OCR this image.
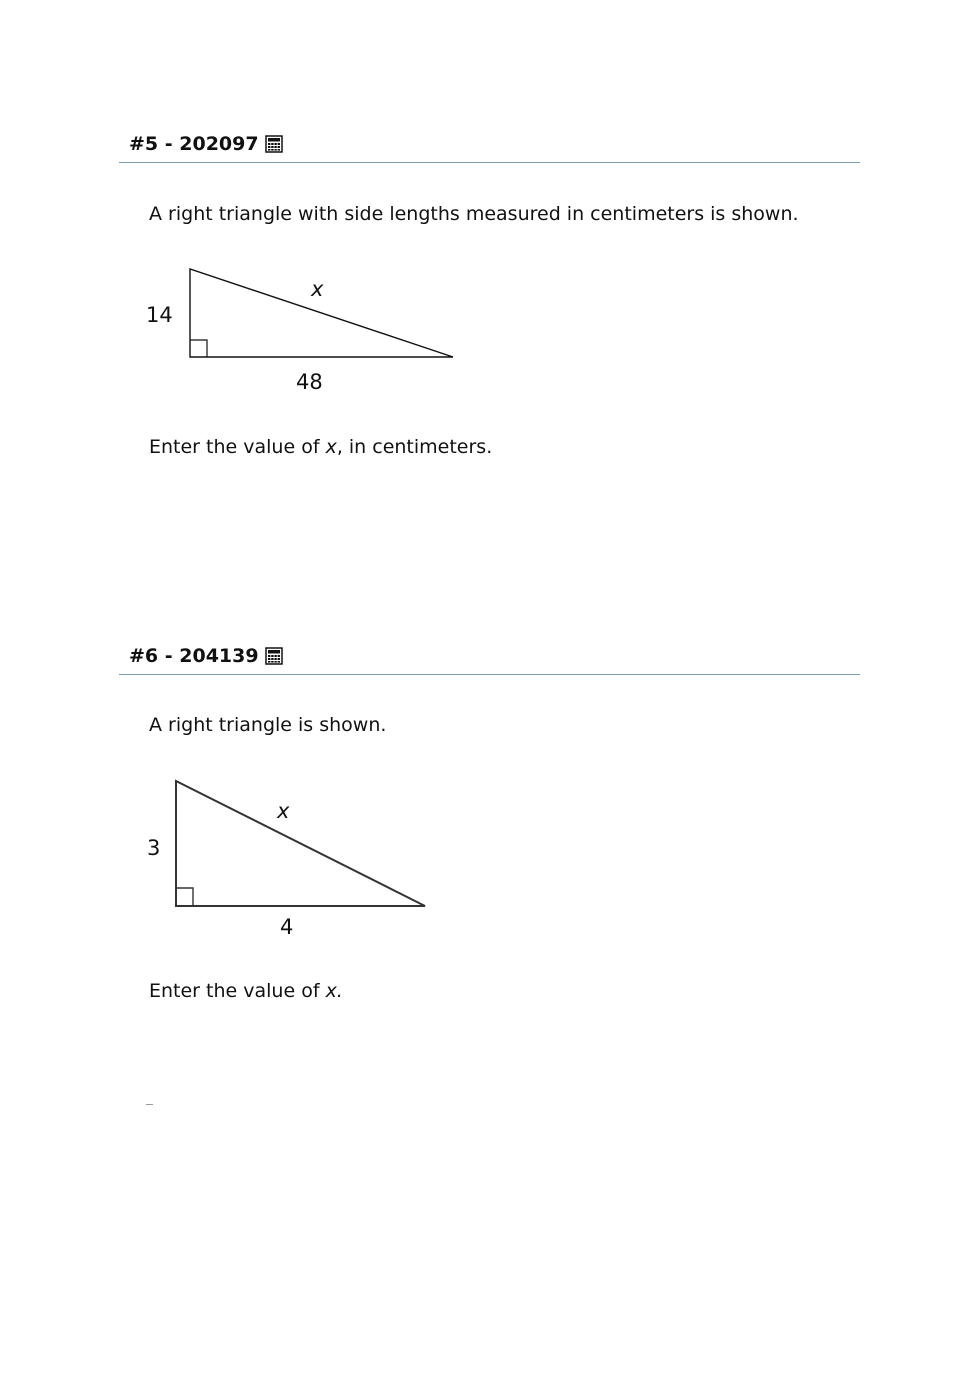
#5 - 202097
A right triangle with side lengths measured in centimeters is shown.
14
48
x
Enter the value of x, in centimeters.
#6 - 204139
A right triangle is shown.
3
4
x
Enter the value of x.
